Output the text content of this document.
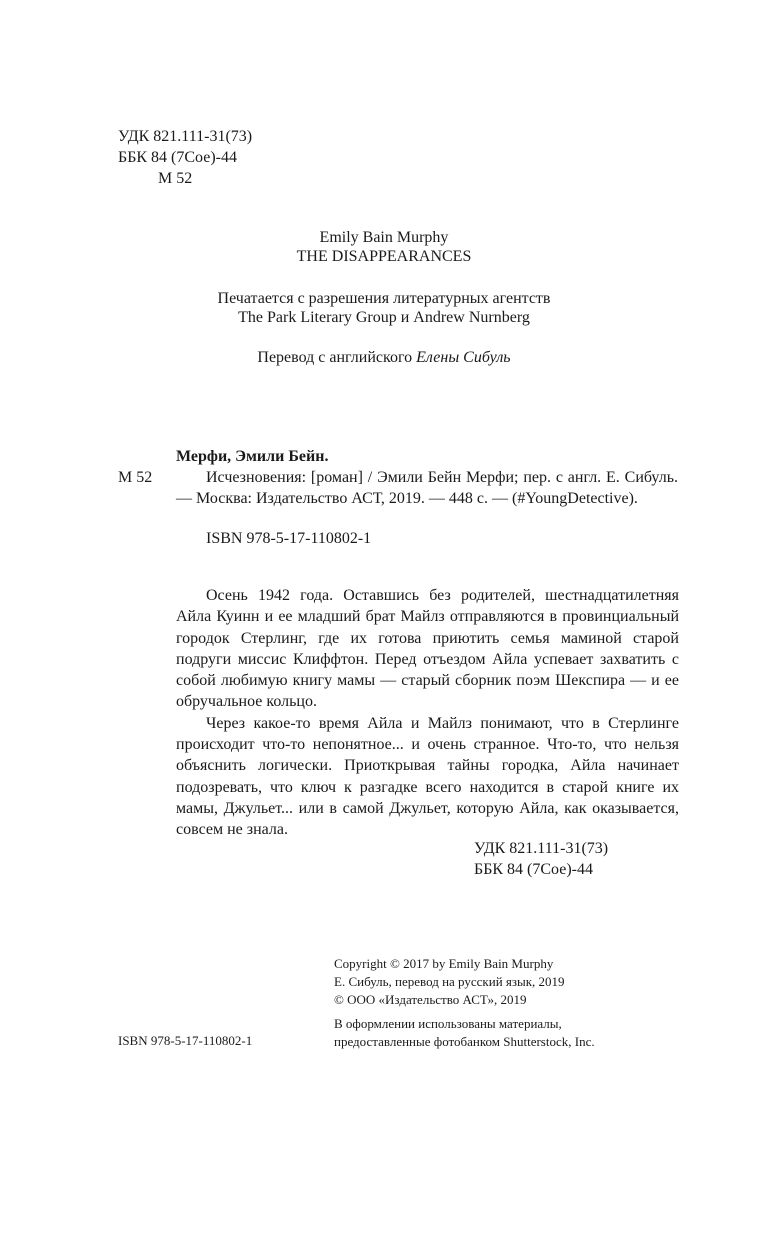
УДК 821.111-31(73)
ББК 84 (7Сое)-44
М 52
Emily Bain Murphy
THE DISAPPEARANCES
Печатается с разрешения литературных агентств
The Park Literary Group и Andrew Nurnberg
Перевод с английского Елены Сибуль
М 52
Мерфи, Эмили Бейн.
Исчезновения: [роман] / Эмили Бейн Мерфи; пер. с англ. Е. Сибуль. — Москва: Издательство АСТ, 2019. — 448 с. — (#YoungDetective).
ISBN 978-5-17-110802-1

Осень 1942 года. Оставшись без родителей, шестнадцатилетняя Айла Куинн и ее младший брат Майлз отправляются в провинциальный городок Стерлинг, где их готова приютить семья маминой старой подруги миссис Клиффтон. Перед отъездом Айла успевает захватить с собой любимую книгу мамы — старый сборник поэм Шекспира — и ее обручальное кольцо.

Через какое-то время Айла и Майлз понимают, что в Стерлинге происходит что-то непонятное... и очень странное. Что-то, что нельзя объяснить логически. Приоткрывая тайны городка, Айла начинает подозревать, что ключ к разгадке всего находится в старой книге их мамы, Джульет... или в самой Джульет, которую Айла, как оказывается, совсем не знала.

УДК 821.111-31(73)
ББК 84 (7Сое)-44
Copyright © 2017 by Emily Bain Murphy
Е. Сибуль, перевод на русский язык, 2019
© ООО «Издательство АСТ», 2019
В оформлении использованы материалы,
предоставленные фотобанком Shutterstock, Inc.
ISBN 978-5-17-110802-1
